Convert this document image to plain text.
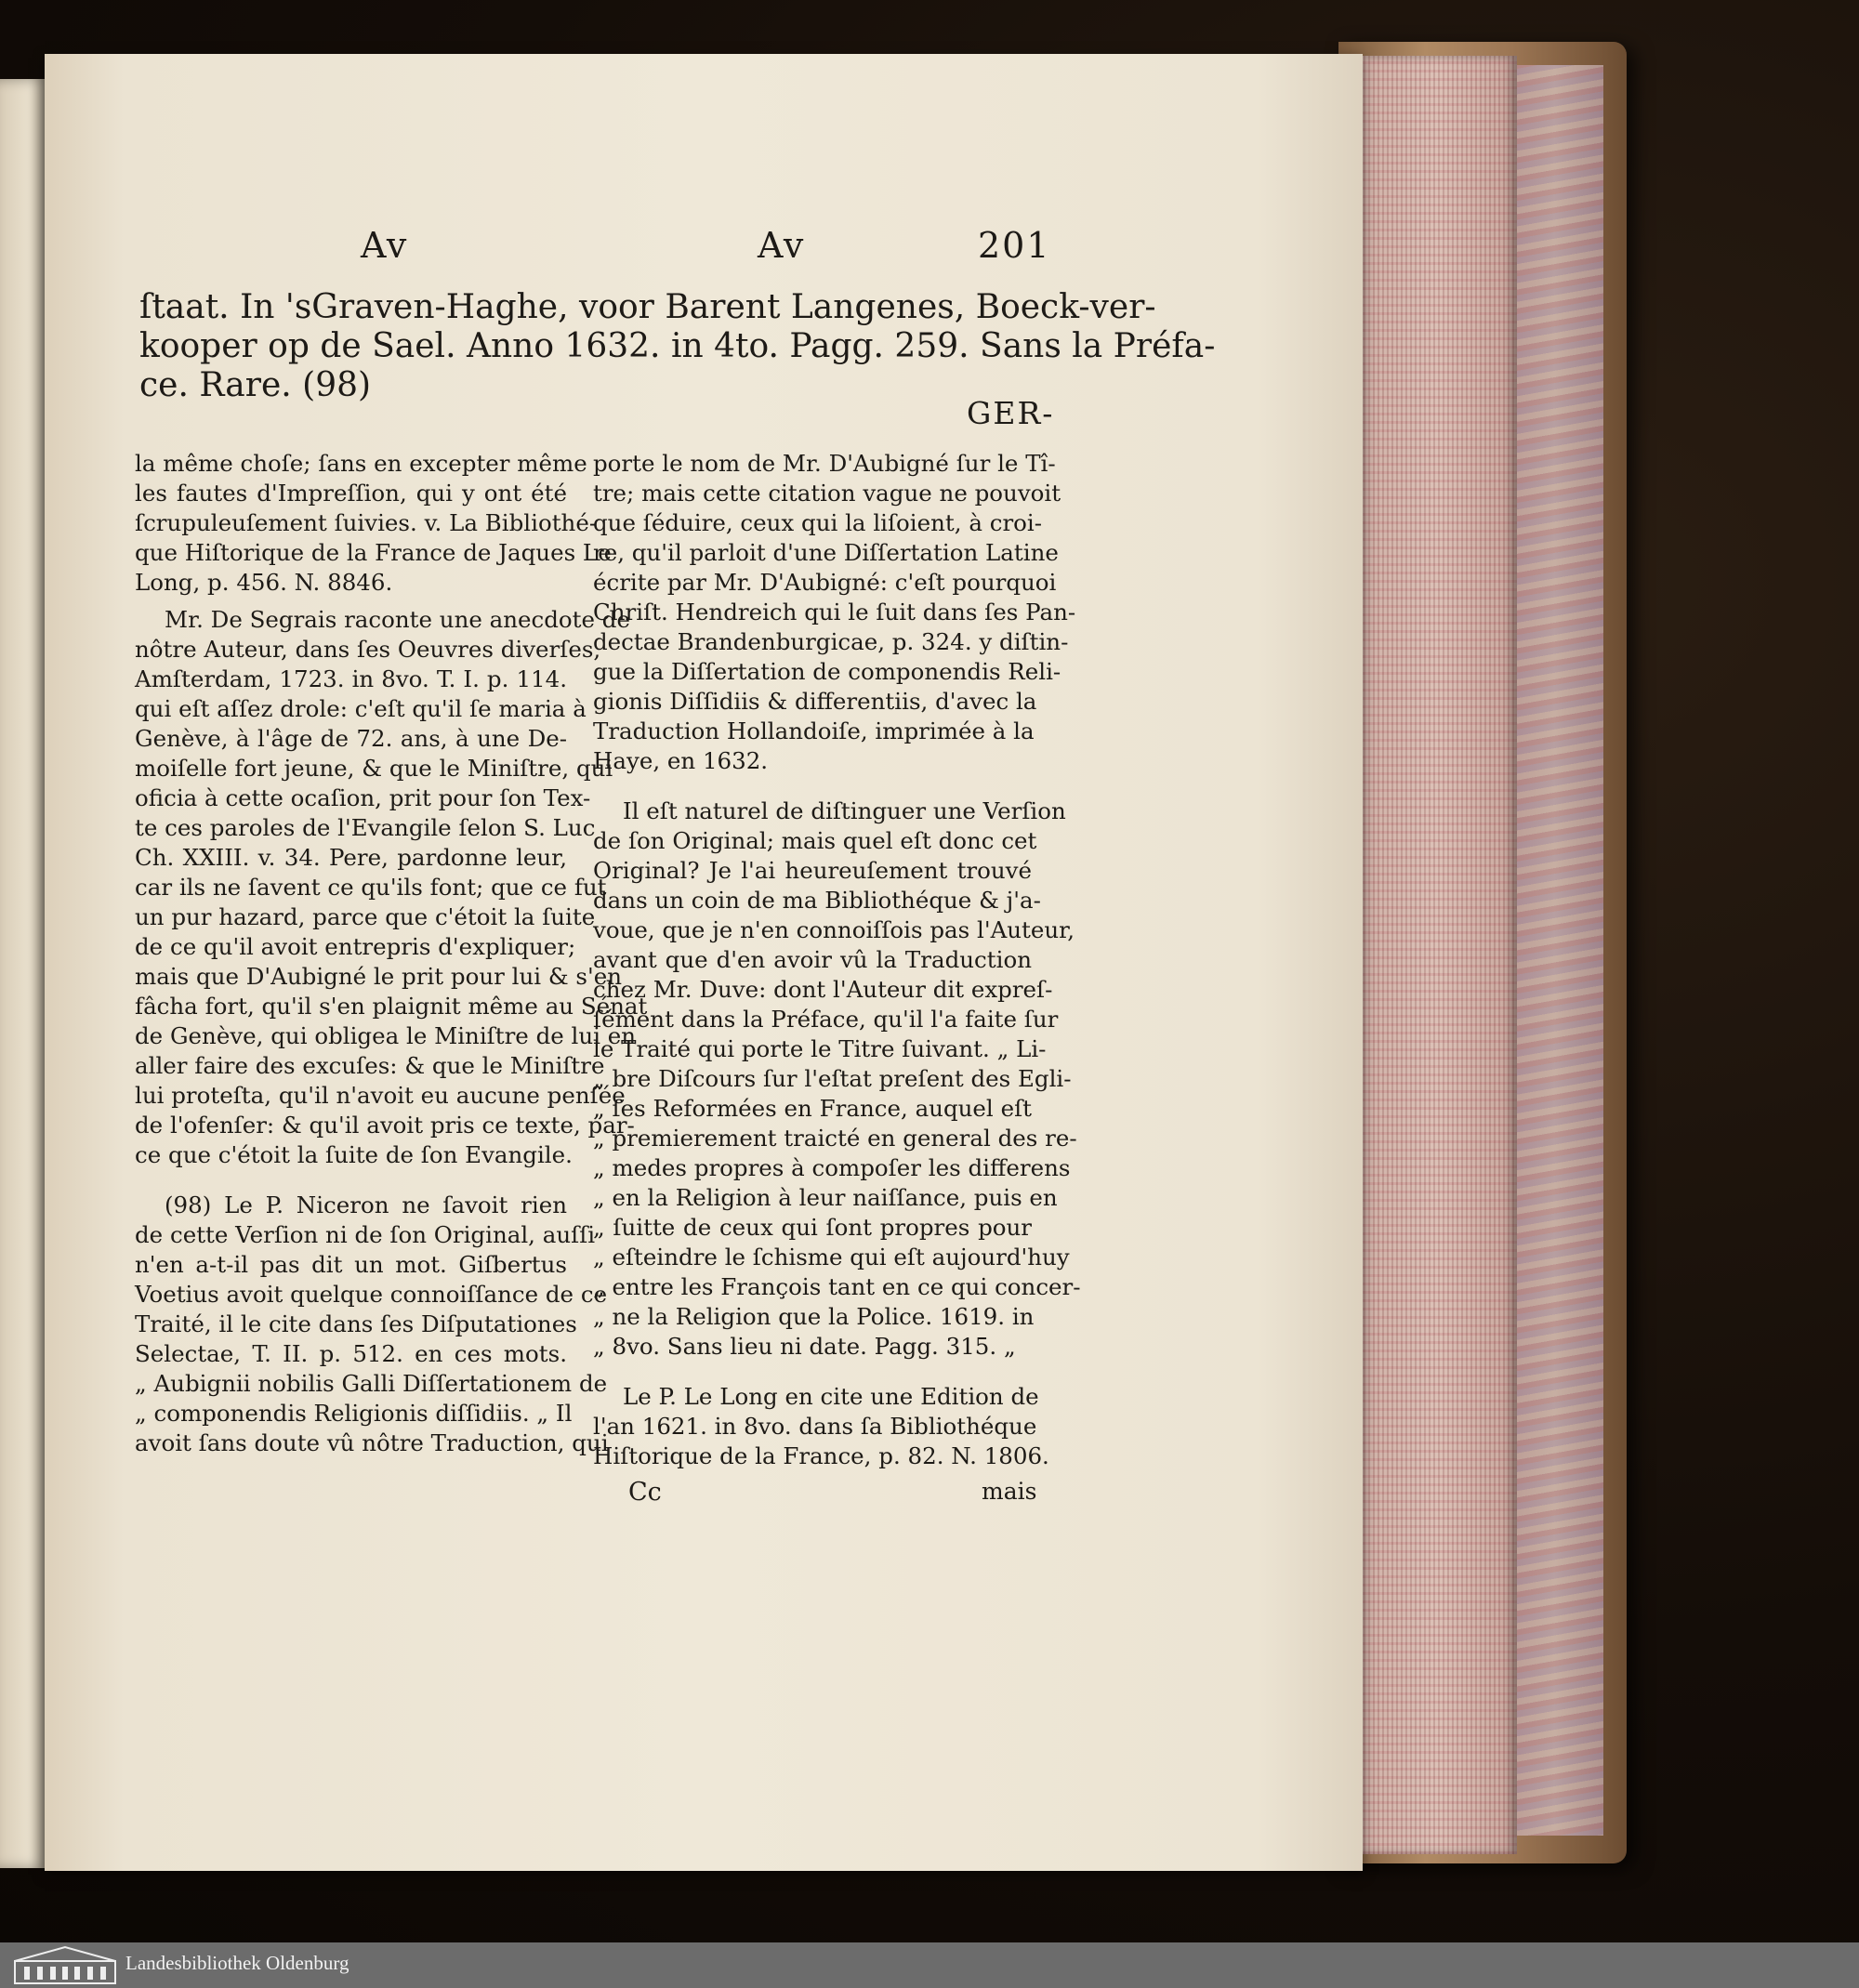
Av	Av	201
ſtaat. In 'sGraven-Haghe, voor Barent Langenes, Boeck-ver-
kooper op de Sael. Anno 1632. in 4to. Pagg. 259. Sans la Préfa-
ce. Rare. (98)
GER-
la même choſe; ſans en excepter même
les fautes d'Impreſſion, qui y ont été
ſcrupuleuſement ſuivies. v. La Bibliothé-
que Hiſtorique de la France de Jaques Le
Long, p. 456. N. 8846.
Mr. De Segrais raconte une anecdote de
nôtre Auteur, dans ſes Oeuvres diverſes,
Amſterdam, 1723. in 8vo. T. I. p. 114.
qui eſt aſſez drole: c'eſt qu'il ſe maria à
Genève, à l'âge de 72. ans, à une De-
moiſelle fort jeune, & que le Miniſtre, qui
oficia à cette ocaſion, prit pour ſon Tex-
te ces paroles de l'Evangile ſelon S. Luc
Ch. XXIII. v. 34. Pere, pardonne leur,
car ils ne ſavent ce qu'ils font; que ce fut
un pur hazard, parce que c'étoit la ſuite
de ce qu'il avoit entrepris d'expliquer;
mais que D'Aubigné le prit pour lui & s'en
fâcha fort, qu'il s'en plaignit même au Sénat
de Genève, qui obligea le Miniſtre de lui en
aller faire des excuſes: & que le Miniſtre
lui proteſta, qu'il n'avoit eu aucune penſée
de l'ofenſer: & qu'il avoit pris ce texte, par-
ce que c'étoit la ſuite de ſon Evangile.
(98) Le P. Niceron ne ſavoit rien
de cette Verſion ni de ſon Original, auſſi
n'en a-t-il pas dit un mot. Giſbertus
Voetius avoit quelque connoiſſance de ce
Traité, il le cite dans ſes Diſputationes
Selectae, T. II. p. 512. en ces mots.
„ Aubignii nobilis Galli Diſſertationem de
„ componendis Religionis diſſidiis. „ Il
avoit ſans doute vû nôtre Traduction, qui
porte le nom de Mr. D'Aubigné ſur le Tî-
tre; mais cette citation vague ne pouvoit
que ſéduire, ceux qui la liſoient, à croi-
re, qu'il parloit d'une Diſſertation Latine
écrite par Mr. D'Aubigné: c'eſt pourquoi
Chriſt. Hendreich qui le ſuit dans ſes Pan-
dectae Brandenburgicae, p. 324. y diſtin-
gue la Diſſertation de componendis Reli-
gionis Diſſidiis & differentiis, d'avec la
Traduction Hollandoiſe, imprimée à la
Haye, en 1632.
Il eſt naturel de diſtinguer une Verſion
de ſon Original; mais quel eſt donc cet
Original? Je l'ai heureuſement trouvé
dans un coin de ma Bibliothéque & j'a-
voue, que je n'en connoiſſois pas l'Auteur,
avant que d'en avoir vû la Traduction
chez Mr. Duve: dont l'Auteur dit expreſ-
ſément dans la Préface, qu'il l'a faite ſur
le Traité qui porte le Titre ſuivant. „ Li-
„ bre Diſcours ſur l'eſtat preſent des Egli-
„ ſes Reformées en France, auquel eſt
„ premierement traicté en general des re-
„ medes propres à compoſer les differens
„ en la Religion à leur naiſſance, puis en
„ ſuitte de ceux qui ſont propres pour
„ eſteindre le ſchisme qui eſt aujourd'huy
„ entre les François tant en ce qui concer-
„ ne la Religion que la Police. 1619. in
„ 8vo. Sans lieu ni date. Pagg. 315. „
Le P. Le Long en cite une Edition de
l'an 1621. in 8vo. dans ſa Bibliothéque
Hiſtorique de la France, p. 82. N. 1806.
Cc	mais
Landesbibliothek Oldenburg
